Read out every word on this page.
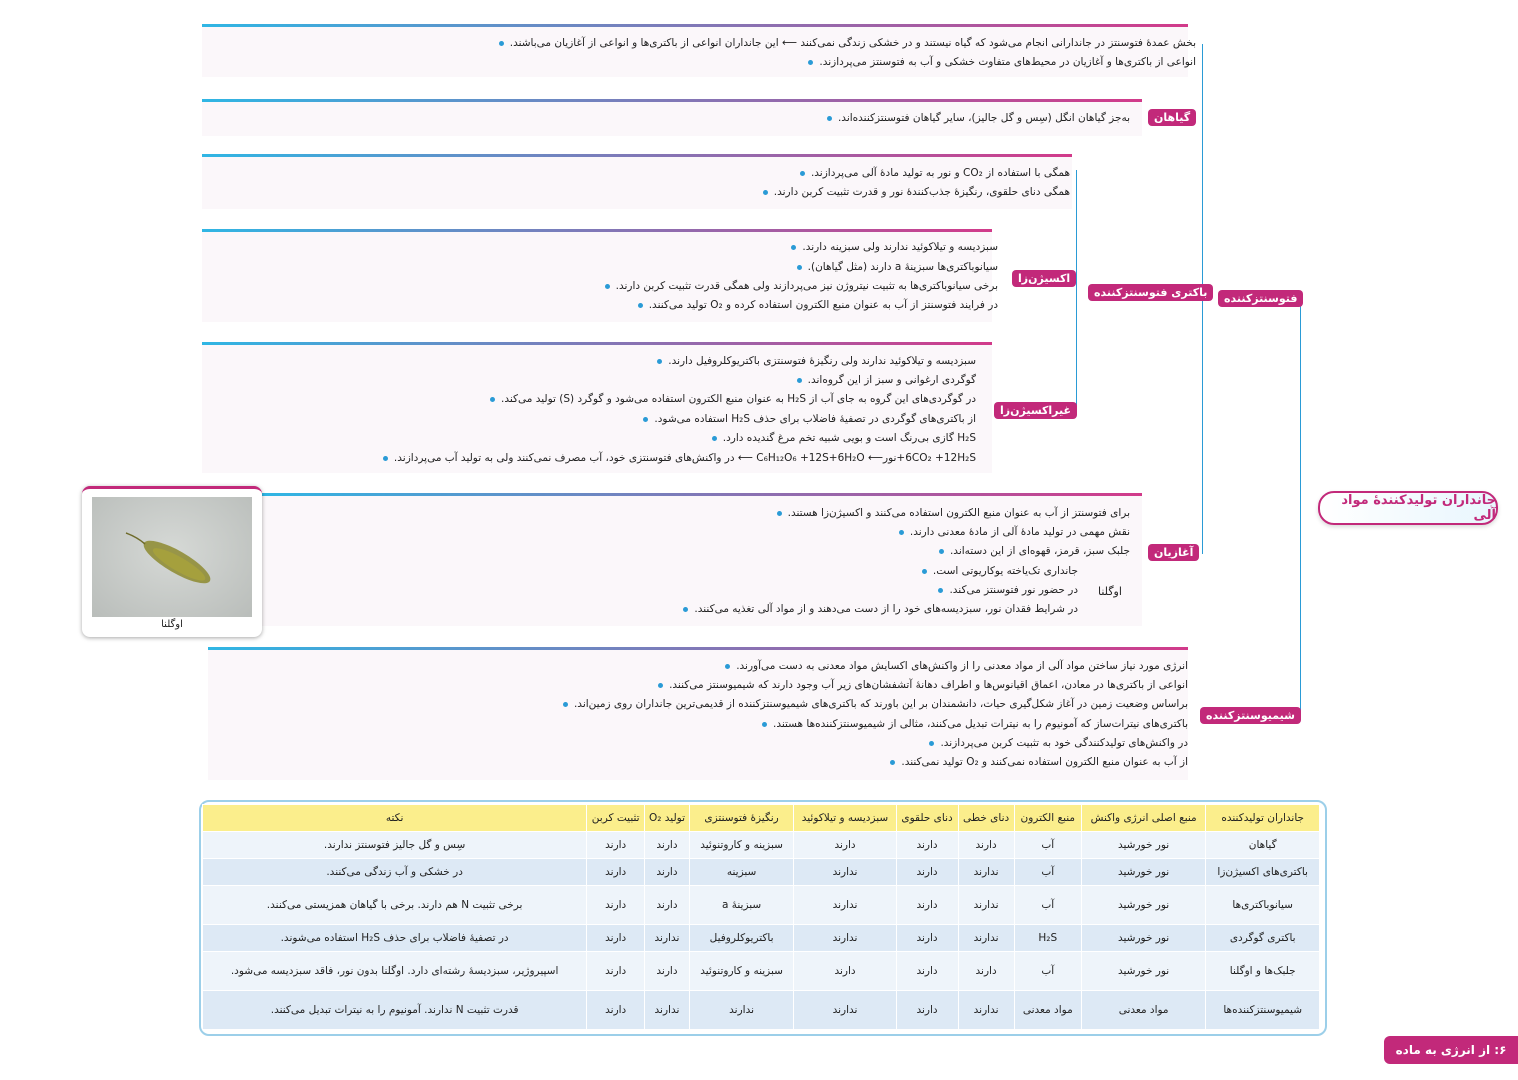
جانداران تولیدکنندهٔ مواد آلی
فتوسنتزکننده
گیاهان
باکتری فتوسنتزکننده
اکسیژن‌زا
غیراکسیژن‌زا
آغازیان
اوگلنا
شیمیوسنتزکننده
بخش عمدهٔ فتوسنتز در جاندارانی انجام می‌شود که گیاه نیستند و در خشکی زندگی نمی‌کنند ⟵ این جانداران انواعی از باکتری‌ها و انواعی از آغازیان می‌باشند.
انواعی از باکتری‌ها و آغازیان در محیط‌های متفاوت خشکی و آب به فتوسنتز می‌پردازند.
به‌جز گیاهان انگل (سِس و گل جالیز)، سایر گیاهان فتوسنتزکننده‌اند.
همگی با استفاده از CO₂ و نور به تولید مادهٔ آلی می‌پردازند.
همگی دنای حلقوی، رنگیزهٔ جذب‌کنندهٔ نور و قدرت تثبیت کربن دارند.
سبزدیسه و تیلاکوئید ندارند ولی سبزینه دارند.
سیانوباکتری‌ها سبزینهٔ a دارند (مثل گیاهان).
برخی سیانوباکتری‌ها به تثبیت نیتروژن نیز می‌پردازند ولی همگی قدرت تثبیت کربن دارند.
در فرایند فتوسنتز از آب به عنوان منبع الکترون استفاده کرده و O₂ تولید می‌کنند.
سبزدیسه و تیلاکوئید ندارند ولی رنگیزهٔ فتوسنتزی باکتریوکلروفیل دارند.
گوگردی ارغوانی و سبز از این گروه‌اند.
در گوگردی‌های این گروه به جای آب از H₂S به عنوان منبع الکترون استفاده می‌شود و گوگرد (S) تولید می‌کند.
از باکتری‌های گوگردی در تصفیهٔ فاضلاب برای حذف H₂S استفاده می‌شود.
H₂S گازی بی‌رنگ است و بویی شبیه تخم مرغ گندیده دارد.
6CO₂ +12H₂S+نور⟵ C₆H₁₂O₆ +12S+6H₂O ⟵ در واکنش‌های فتوسنتزی خود، آب مصرف نمی‌کنند ولی به تولید آب می‌پردازند.
برای فتوسنتز از آب به عنوان منبع الکترون استفاده می‌کنند و اکسیژن‌زا هستند.
نقش مهمی در تولید مادهٔ آلی از مادهٔ معدنی دارند.
جلبک سبز، قرمز، قهوه‌ای از این دسته‌اند.
جانداری تک‌یاخته یوکاریوتی است.
در حضور نور فتوسنتز می‌کند.
در شرایط فقدان نور، سبزدیسه‌های خود را از دست می‌دهند و از مواد آلی تغذیه می‌کنند.
انرژی مورد نیاز ساختن مواد آلی از مواد معدنی را از واکنش‌های اکسایش مواد معدنی به دست می‌آورند.
انواعی از باکتری‌ها در معادن، اعماق اقیانوس‌ها و اطراف دهانهٔ آتشفشان‌های زیر آب وجود دارند که شیمیوسنتز می‌کنند.
براساس وضعیت زمین در آغاز شکل‌گیری حیات، دانشمندان بر این باورند که باکتری‌های شیمیوسنتزکننده از قدیمی‌ترین جانداران روی زمین‌اند.
باکتری‌های نیترات‌ساز که آمونیوم را به نیترات تبدیل می‌کنند، مثالی از شیمیوسنتزکننده‌ها هستند.
در واکنش‌های تولیدکنندگی خود به تثبیت کربن می‌پردازند.
از آب به عنوان منبع الکترون استفاده نمی‌کنند و O₂ تولید نمی‌کنند.
اوگلنا
جانداران تولیدکننده	منبع اصلی انرژی واکنش	منبع الکترون	دنای خطی	دنای حلقوی	سبزدیسه و تیلاکوئید	رنگیزهٔ فتوسنتزی	تولید O₂	تثبیت کربن	نکته
گیاهان	نور خورشید	آب	دارند	دارند	دارند	سبزینه و کاروتنوئید	دارند	دارند	سِس و گل جالیز فتوسنتز ندارند.
باکتری‌های اکسیژن‌زا	نور خورشید	آب	ندارند	دارند	ندارند	سبزینه	دارند	دارند	در خشکی و آب زندگی می‌کنند.
سیانوباکتری‌ها	نور خورشید	آب	ندارند	دارند	ندارند	سبزینهٔ a	دارند	دارند	برخی تثبیت N هم دارند. برخی با گیاهان همزیستی می‌کنند.
باکتری گوگردی	نور خورشید	H₂S	ندارند	دارند	ندارند	باکتریوکلروفیل	ندارند	دارند	در تصفیهٔ فاضلاب برای حذف H₂S استفاده می‌شوند.
جلبک‌ها و اوگلنا	نور خورشید	آب	دارند	دارند	دارند	سبزینه و کاروتنوئید	دارند	دارند	اسپیروژیر، سبزدیسهٔ رشته‌ای دارد. اوگلنا بدون نور، فاقد سبزدیسه می‌شود.
شیمیوسنتزکننده‌ها	مواد معدنی	مواد معدنی	ندارند	دارند	ندارند	ندارند	ندارند	دارند	قدرت تثبیت N ندارند. آمونیوم را به نیترات تبدیل می‌کنند.
۶: از انرژی به ماده
